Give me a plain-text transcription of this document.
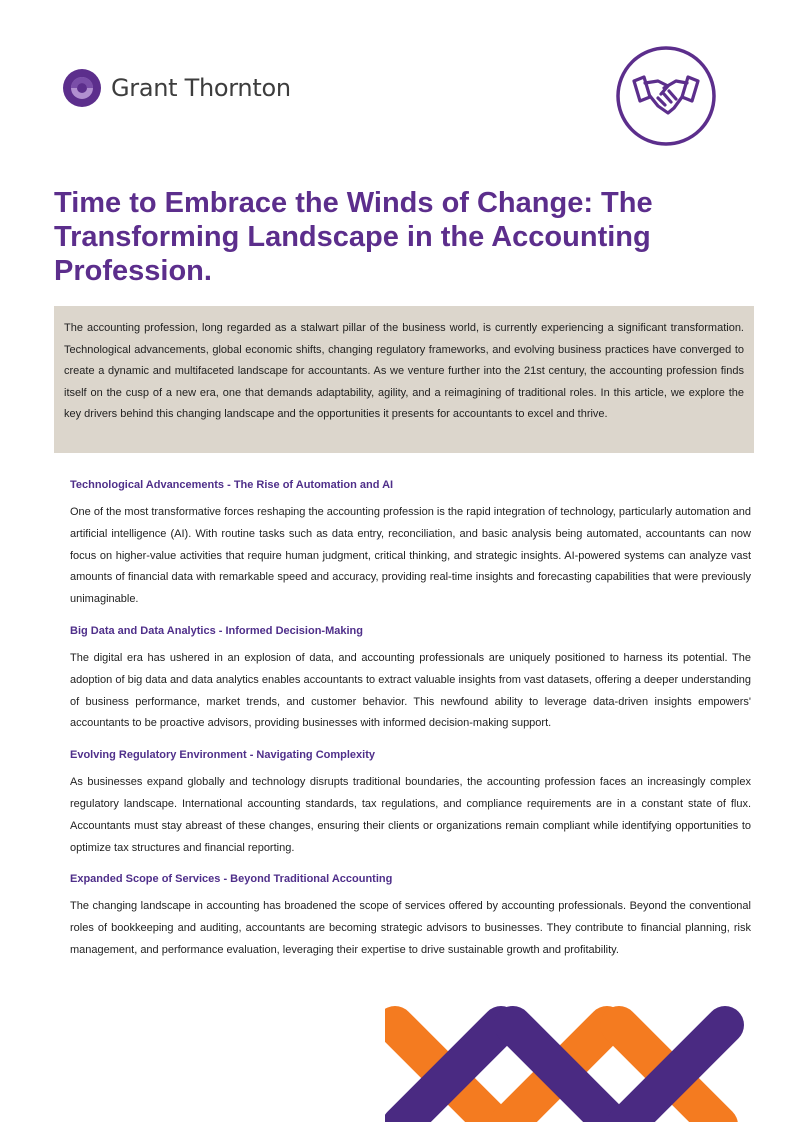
Grant Thornton
Time to Embrace the Winds of Change: The Transforming Landscape in the Accounting Profession.

The accounting profession, long regarded as a stalwart pillar of the business world, is currently experiencing a significant transformation. Technological advancements, global economic shifts, changing regulatory frameworks, and evolving business practices have converged to create a dynamic and multifaceted landscape for accountants. As we venture further into the 21st century, the accounting profession finds itself on the cusp of a new era, one that demands adaptability, agility, and a reimagining of traditional roles. In this article, we explore the key drivers behind this changing landscape and the opportunities it presents for accountants to excel and thrive.

Technological Advancements - The Rise of Automation and AI

One of the most transformative forces reshaping the accounting profession is the rapid integration of technology, particularly automation and artificial intelligence (AI). With routine tasks such as data entry, reconciliation, and basic analysis being automated, accountants can now focus on higher-value activities that require human judgment, critical thinking, and strategic insights. AI-powered systems can analyze vast amounts of financial data with remarkable speed and accuracy, providing real-time insights and forecasting capabilities that were previously unimaginable.

Big Data and Data Analytics - Informed Decision-Making

The digital era has ushered in an explosion of data, and accounting professionals are uniquely positioned to harness its potential. The adoption of big data and data analytics enables accountants to extract valuable insights from vast datasets, offering a deeper understanding of business performance, market trends, and customer behavior. This newfound ability to leverage data-driven insights empowers' accountants to be proactive advisors, providing businesses with informed decision-making support.

Evolving Regulatory Environment - Navigating Complexity

As businesses expand globally and technology disrupts traditional boundaries, the accounting profession faces an increasingly complex regulatory landscape. International accounting standards, tax regulations, and compliance requirements are in a constant state of flux. Accountants must stay abreast of these changes, ensuring their clients or organizations remain compliant while identifying opportunities to optimize tax structures and financial reporting.

Expanded Scope of Services - Beyond Traditional Accounting

The changing landscape in accounting has broadened the scope of services offered by accounting professionals. Beyond the conventional roles of bookkeeping and auditing, accountants are becoming strategic advisors to businesses. They contribute to financial planning, risk management, and performance evaluation, leveraging their expertise to drive sustainable growth and profitability.
